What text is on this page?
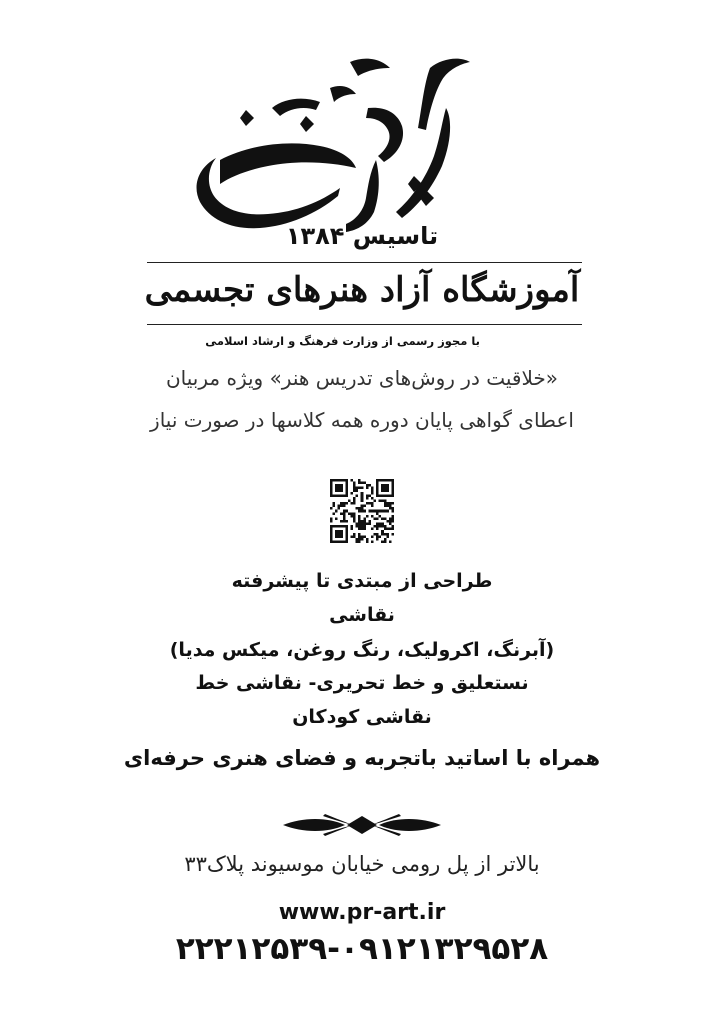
تاسیس ۱۳۸۴
آموزشگاه آزاد هنرهای تجسمی
با مجوز رسمی از وزارت فرهنگ و ارشاد اسلامی
«خلاقیت در روش‌های تدریس هنر» ویژه مربیان
اعطای گواهی پایان دوره همه کلاسها در صورت نیاز
طراحی از مبتدی تا پیشرفته
نقاشی
(آبرنگ، اکرولیک، رنگ روغن، میکس مدیا)
نستعلیق و خط تحریری- نقاشی خط
نقاشی کودکان
همراه با اساتید باتجربه و فضای هنری حرفه‌ای
بالاتر از پل رومی خیابان موسیوند پلاک۳۳
www.pr-art.ir
۲۲۲۱۲۵۳۹-۰۹۱۲۱۳۲۹۵۲۸
